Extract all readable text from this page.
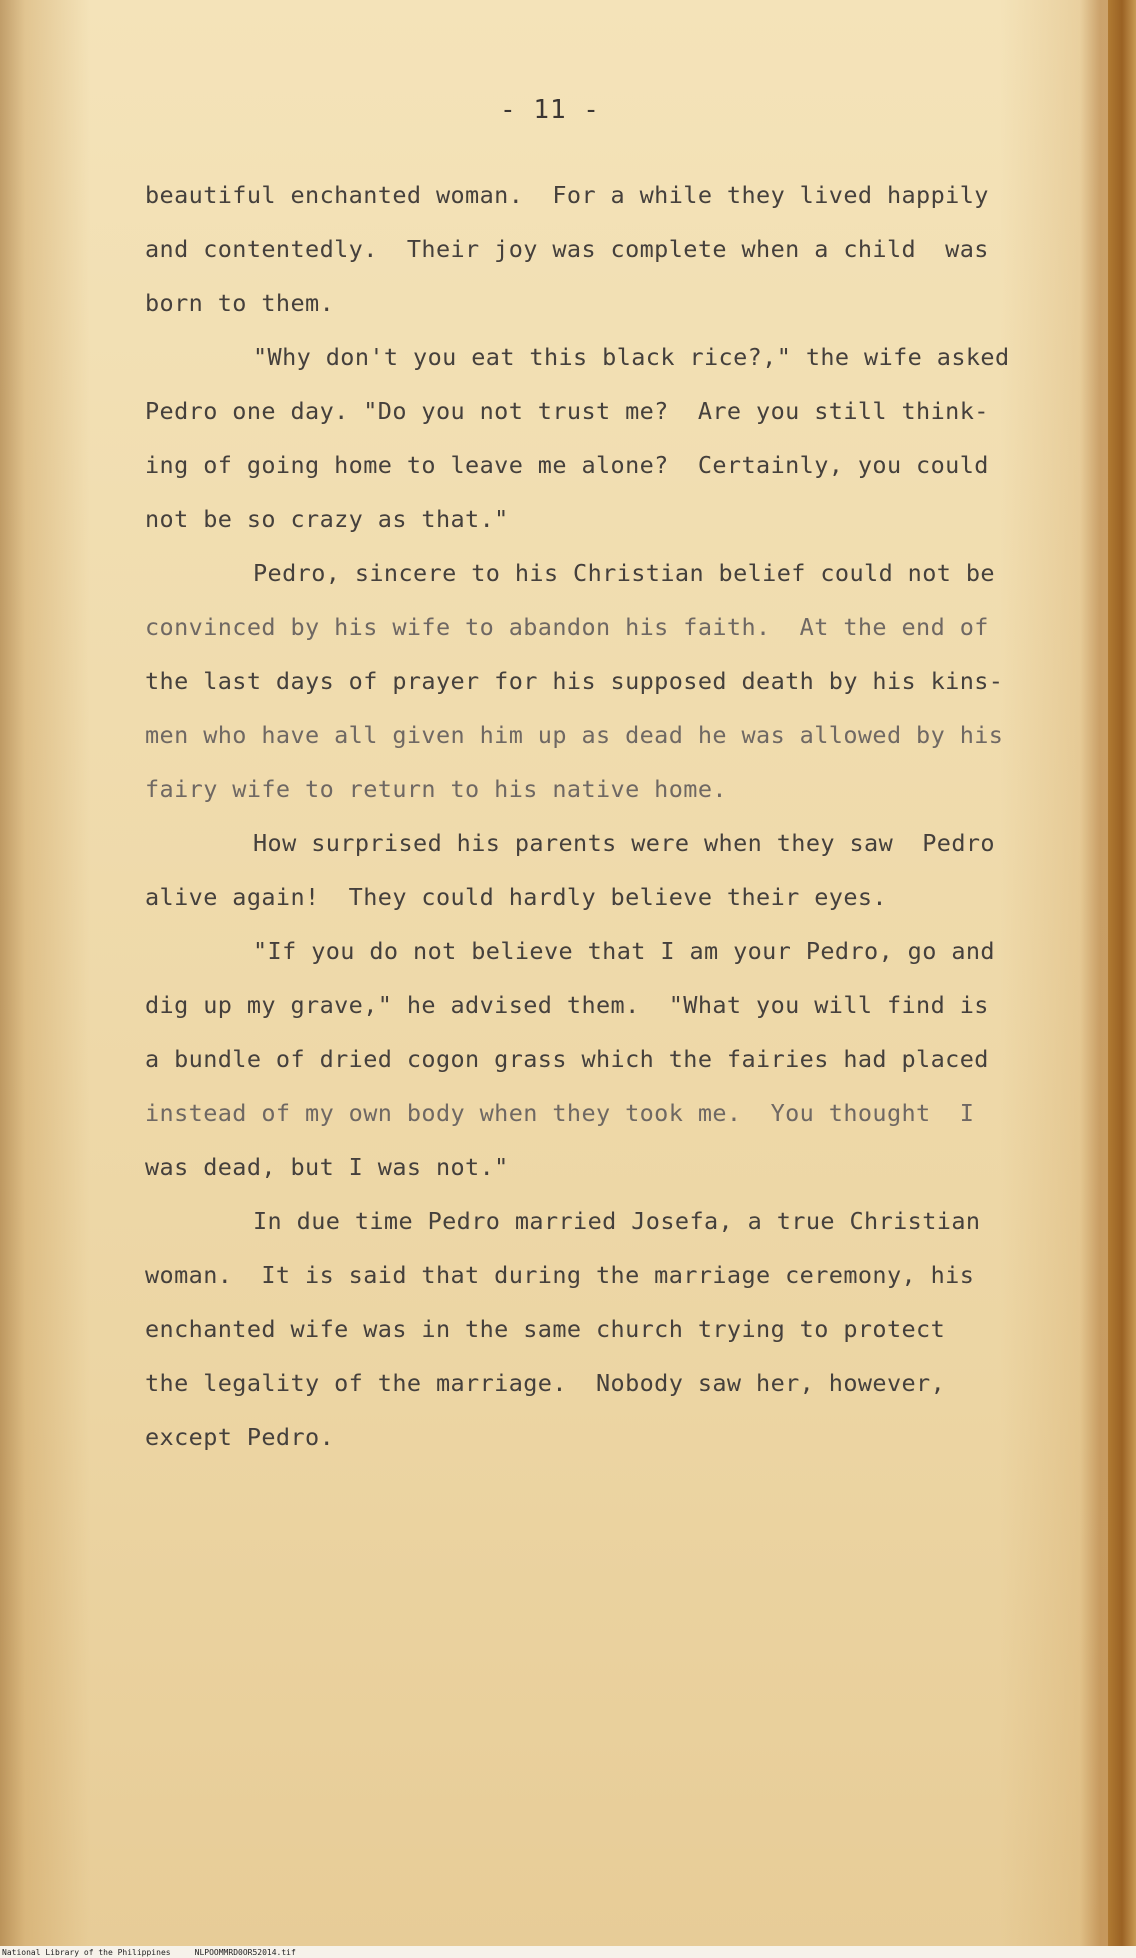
- 11 -
beautiful enchanted woman.  For a while they lived happily
and contentedly.  Their joy was complete when a child  was
born to them.
"Why don't you eat this black rice?," the wife asked
Pedro one day. "Do you not trust me?  Are you still think-
ing of going home to leave me alone?  Certainly, you could
not be so crazy as that."
Pedro, sincere to his Christian belief could not be
convinced by his wife to abandon his faith.  At the end of
the last days of prayer for his supposed death by his kins-
men who have all given him up as dead he was allowed by his
fairy wife to return to his native home.
How surprised his parents were when they saw  Pedro
alive again!  They could hardly believe their eyes.
"If you do not believe that I am your Pedro, go and
dig up my grave," he advised them.  "What you will find is
a bundle of dried cogon grass which the fairies had placed
instead of my own body when they took me.  You thought  I
was dead, but I was not."
In due time Pedro married Josefa, a true Christian
woman.  It is said that during the marriage ceremony, his
enchanted wife was in the same church trying to protect
the legality of the marriage.  Nobody saw her, however,
except Pedro.
National Library of the Philippines     NLPOOMMRD0OR52014.tif
